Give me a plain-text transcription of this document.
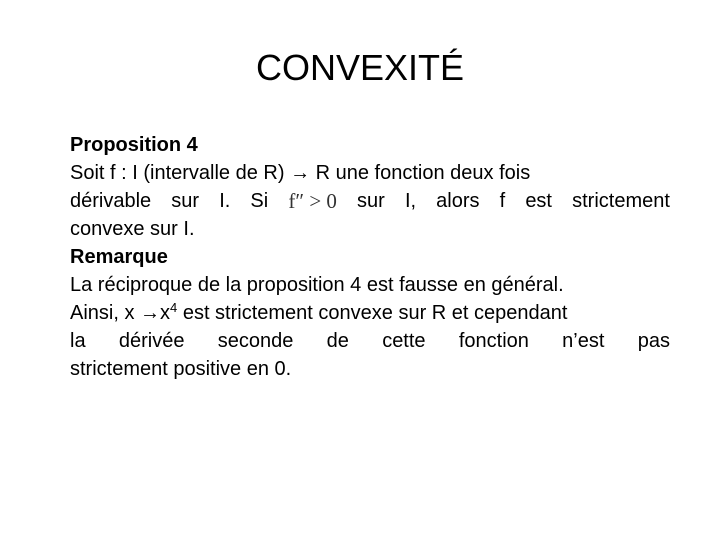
CONVEXITÉ
Proposition 4
Soit f : I (intervalle de R) → R une fonction deux fois
dérivable sur I. Si f″ > 0 sur I, alors f est strictement
convexe sur I.
Remarque
La réciproque de la proposition 4 est fausse en général.
Ainsi, $x \to x^4$ est strictement convexe sur R et cependant
la dérivée seconde de cette fonction n’est pas
strictement positive en 0.
